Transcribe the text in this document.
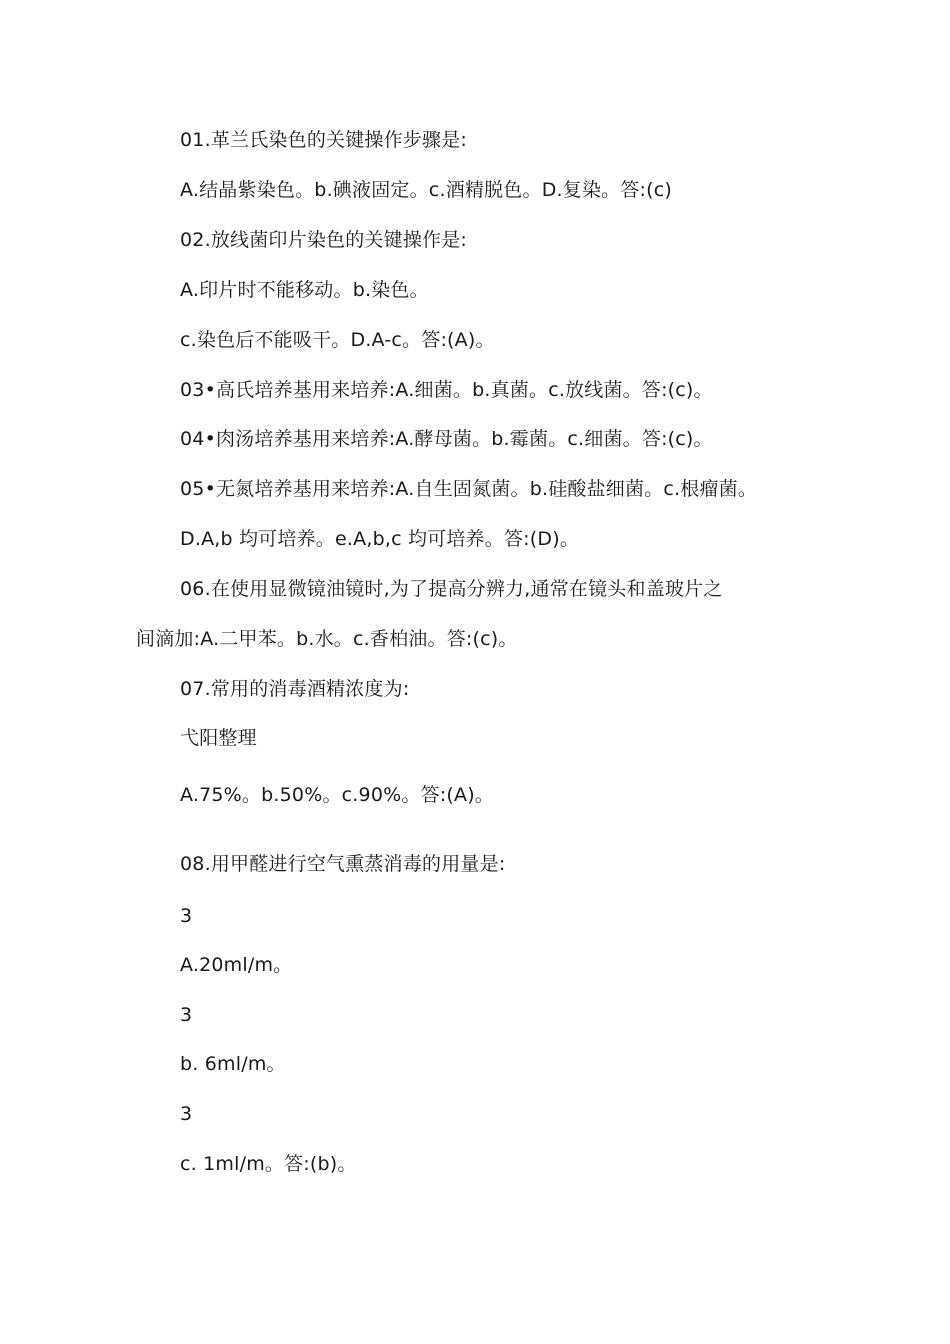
01.革兰氏染色的关键操作步骤是:
A.结晶紫染色。b.碘液固定。c.酒精脱色。D.复染。答:(c)
02.放线菌印片染色的关键操作是:
A.印片时不能移动。b.染色。
c.染色后不能吸干。D.A-c。答:(A)。
03•高氏培养基用来培养:A.细菌。b.真菌。c.放线菌。答:(c)。
04•肉汤培养基用来培养:A.酵母菌。b.霉菌。c.细菌。答:(c)。
05•无氮培养基用来培养:A.自生固氮菌。b.硅酸盐细菌。c.根瘤菌。
D.A,b 均可培养。e.A,b,c 均可培养。答:(D)。
06.在使用显微镜油镜时,为了提高分辨力,通常在镜头和盖玻片之
间滴加:A.二甲苯。b.水。c.香柏油。答:(c)。
07.常用的消毒酒精浓度为:
弋阳整理
A.75%。b.50%。c.90%。答:(A)。
08.用甲醛进行空气熏蒸消毒的用量是:
3
A.20ml/m。
3
b. 6ml/m。
3
c. 1ml/m。答:(b)。
